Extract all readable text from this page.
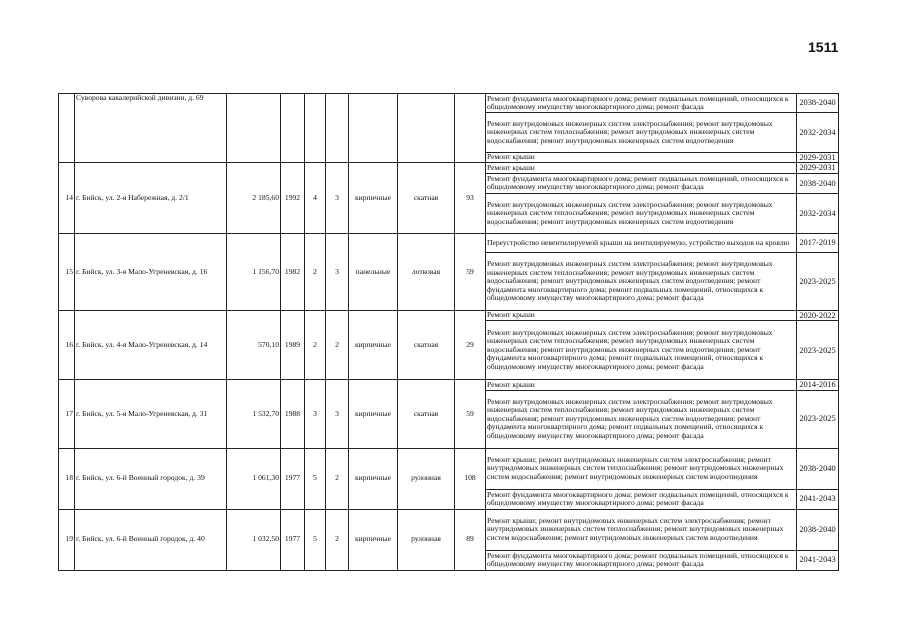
1511
	Суворова кавалерийской дивизии, д. 69								Ремонт фундамента многоквартирного дома; ремонт подвальных помещений, относящихся к общедомовому имуществу многоквартирного дома; ремонт фасада	2038-2040
									Ремонт внутридомовых инженерных систем электроснабжения; ремонт внутридомовых инженерных систем теплоснабжения; ремонт внутридомовых инженерных систем водоснабжения; ремонт внутридомовых инженерных систем водоотведения	2032-2034
									Ремонт крыши	2029-2031
14	г. Бийск, ул. 2-я Набережная, д. 2/1	2 185,60	1992	4	3	кирпичные	скатная	93	Ремонт крыши	2029-2031
									Ремонт фундамента многоквартирного дома; ремонт подвальных помещений, относящихся к общедомовому имуществу многоквартирного дома; ремонт фасада	2038-2040
									Ремонт внутридомовых инженерных систем электроснабжения; ремонт внутридомовых инженерных систем теплоснабжения; ремонт внутридомовых инженерных систем водоснабжения; ремонт внутридомовых инженерных систем водоотведения	2032-2034
15	г. Бийск, ул. 3-я Мало-Угреневская, д. 16	1 156,70	1982	2	3	панельные	лотковая	59	Переустройство невентилируемой крыши на вентилируемую, устройство выходов на кровлю	2017-2019
									Ремонт внутридомовых инженерных систем электроснабжения; ремонт внутридомовых инженерных систем теплоснабжения; ремонт внутридомовых инженерных систем водоснабжения; ремонт внутридомовых инженерных систем водоотведения; ремонт фундамента многоквартирного дома; ремонт подвальных помещений, относящихся к общедомовому имуществу многоквартирного дома; ремонт фасада	2023-2025
16	г. Бийск, ул. 4-я Мало-Угреневская, д. 14	570,10	1989	2	2	кирпичные	скатная	29	Ремонт крыши	2020-2022
									Ремонт внутридомовых инженерных систем электроснабжения; ремонт внутридомовых инженерных систем теплоснабжения; ремонт внутридомовых инженерных систем водоснабжения; ремонт внутридомовых инженерных систем водоотведения; ремонт фундамента многоквартирного дома; ремонт подвальных помещений, относящихся к общедомовому имуществу многоквартирного дома; ремонт фасада	2023-2025
17	г. Бийск, ул. 5-я Мало-Угреневская, д. 31	1 532,70	1988	3	3	кирпичные	скатная	59	Ремонт крыши	2014-2016
									Ремонт внутридомовых инженерных систем электроснабжения; ремонт внутридомовых инженерных систем теплоснабжения; ремонт внутридомовых инженерных систем водоснабжения; ремонт внутридомовых инженерных систем водоотведения; ремонт фундамента многоквартирного дома; ремонт подвальных помещений, относящихся к общедомовому имуществу многоквартирного дома; ремонт фасада	2023-2025
18	г. Бийск, ул. 6-й Военный городок, д. 39	1 061,30	1977	5	2	кирпичные	рулонная	108	Ремонт крыши; ремонт внутридомовых инженерных систем электроснабжения; ремонт внутридомовых инженерных систем теплоснабжения; ремонт внутридомовых инженерных систем водоснабжения; ремонт внутридомовых инженерных систем водоотведения	2038-2040
									Ремонт фундамента многоквартирного дома; ремонт подвальных помещений, относящихся к общедомовому имуществу многоквартирного дома; ремонт фасада	2041-2043
19	г. Бийск, ул. 6-й Военный городок, д. 40	1 032,50	1977	5	2	кирпичные	рулонная	89	Ремонт крыши; ремонт внутридомовых инженерных систем электроснабжения; ремонт внутридомовых инженерных систем теплоснабжения; ремонт внутридомовых инженерных систем водоснабжения; ремонт внутридомовых инженерных систем водоотведения	2038-2040
									Ремонт фундамента многоквартирного дома; ремонт подвальных помещений, относящихся к общедомовому имуществу многоквартирного дома; ремонт фасада	2041-2043
